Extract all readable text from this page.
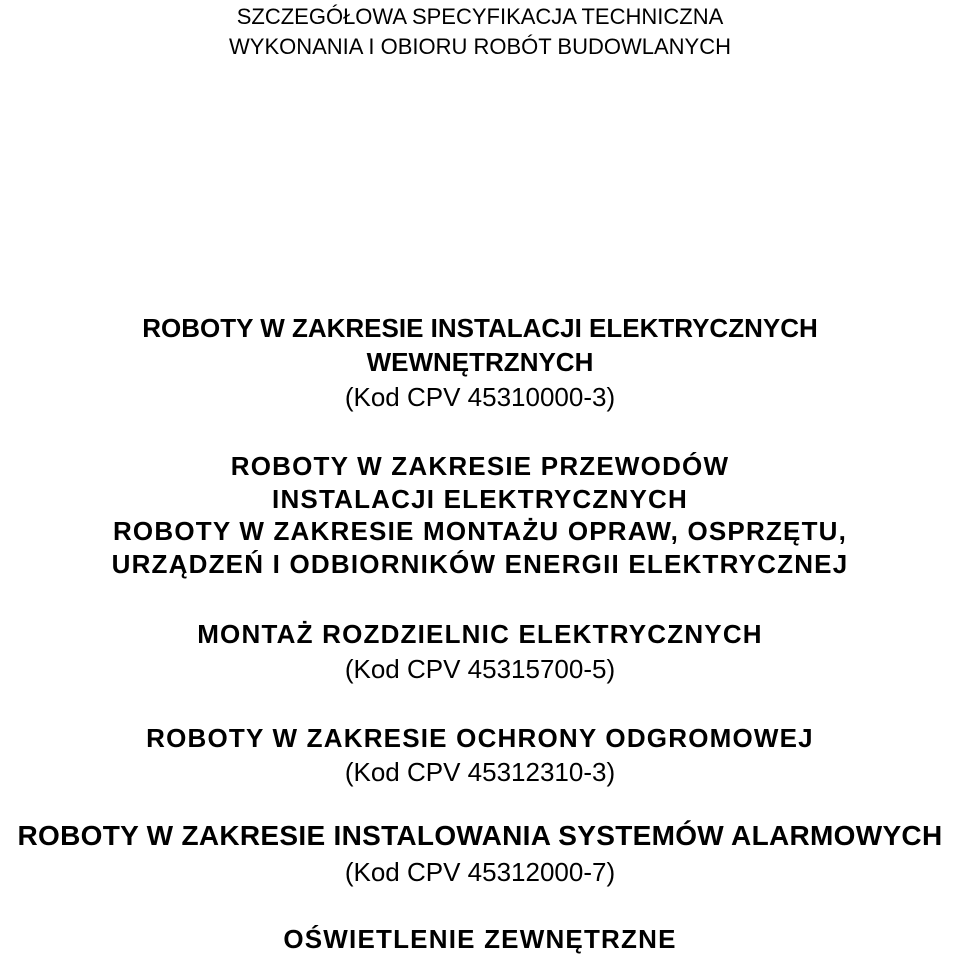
SZCZEGÓŁOWA SPECYFIKACJA TECHNICZNA
WYKONANIA I OBIORU ROBÓT BUDOWLANYCH
ROBOTY W ZAKRESIE INSTALACJI ELEKTRYCZNYCH
WEWNĘTRZNYCH
(Kod CPV 45310000-3)
ROBOTY W ZAKRESIE PRZEWODÓW
INSTALACJI ELEKTRYCZNYCH
ROBOTY W ZAKRESIE MONTAŻU OPRAW, OSPRZĘTU,
URZĄDZEŃ I ODBIORNIKÓW ENERGII ELEKTRYCZNEJ
MONTAŻ ROZDZIELNIC ELEKTRYCZNYCH
(Kod CPV 45315700-5)
ROBOTY W ZAKRESIE OCHRONY ODGROMOWEJ
(Kod CPV 45312310-3)
ROBOTY W ZAKRESIE INSTALOWANIA SYSTEMÓW ALARMOWYCH
(Kod CPV 45312000-7)
OŚWIETLENIE ZEWNĘTRZNE
